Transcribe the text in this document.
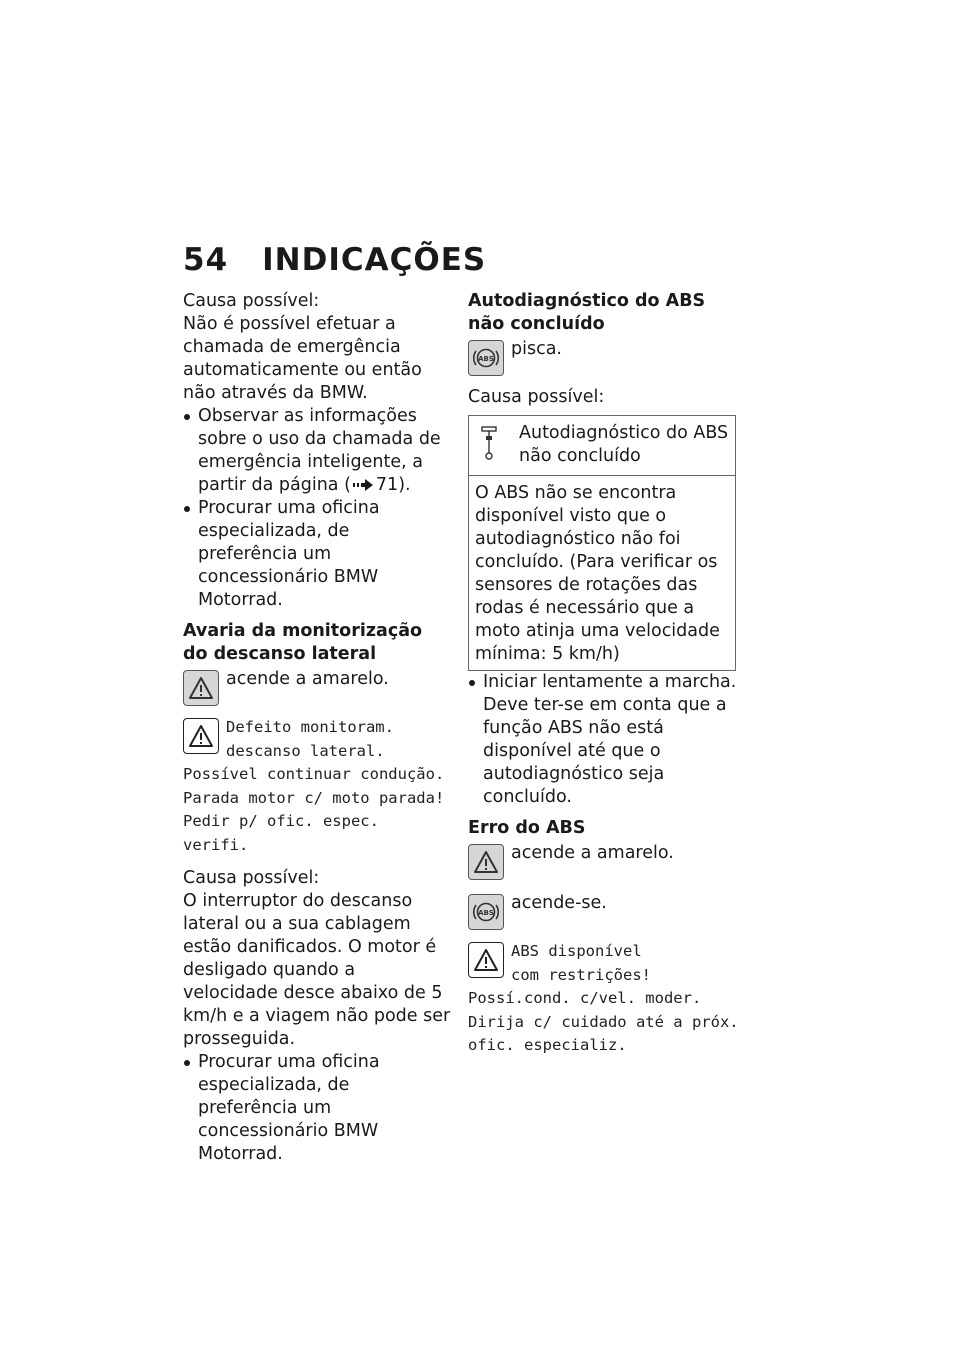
54 INDICAÇÕES

Causa possível:

Não é possível efetuar a chamada de emergência automaticamente ou então não através da BMW.

Observar as informações sobre o uso da chamada de emergência inteligente, a partir da página ( 71).

Procurar uma oficina especializada, de preferência um concessionário BMW Motorrad.

Avaria da monitorização do descanso lateral
acende a amarelo.
Defeito monitoram.
descanso lateral.
Possível continuar condução. Parada motor c/ moto parada! Pedir p/ ofic. espec. verifi.

Causa possível:

O interruptor do descanso lateral ou a sua cablagem estão danificados. O motor é desligado quando a velocidade desce abaixo de 5 km/h e a viagem não pode ser prosseguida.

Procurar uma oficina especializada, de preferência um concessionário BMW Motorrad.

Autodiagnóstico do ABS não concluído
ABS pisca.

Causa possível:

Autodiagnóstico do ABS não concluído
O ABS não se encontra disponível visto que o autodiagnóstico não foi concluído. (Para verificar os sensores de rotações das rodas é necessário que a moto atinja uma velocidade mínima: 5 km/h)

Iniciar lentamente a marcha. Deve ter-se em conta que a função ABS não está disponível até que o autodiagnóstico seja concluído.

Erro do ABS
acende a amarelo.
ABS acende-se.
ABS disponível
com restrições!
Possí.cond. c/vel. moder. Dirija c/ cuidado até a próx. ofic. especializ.
